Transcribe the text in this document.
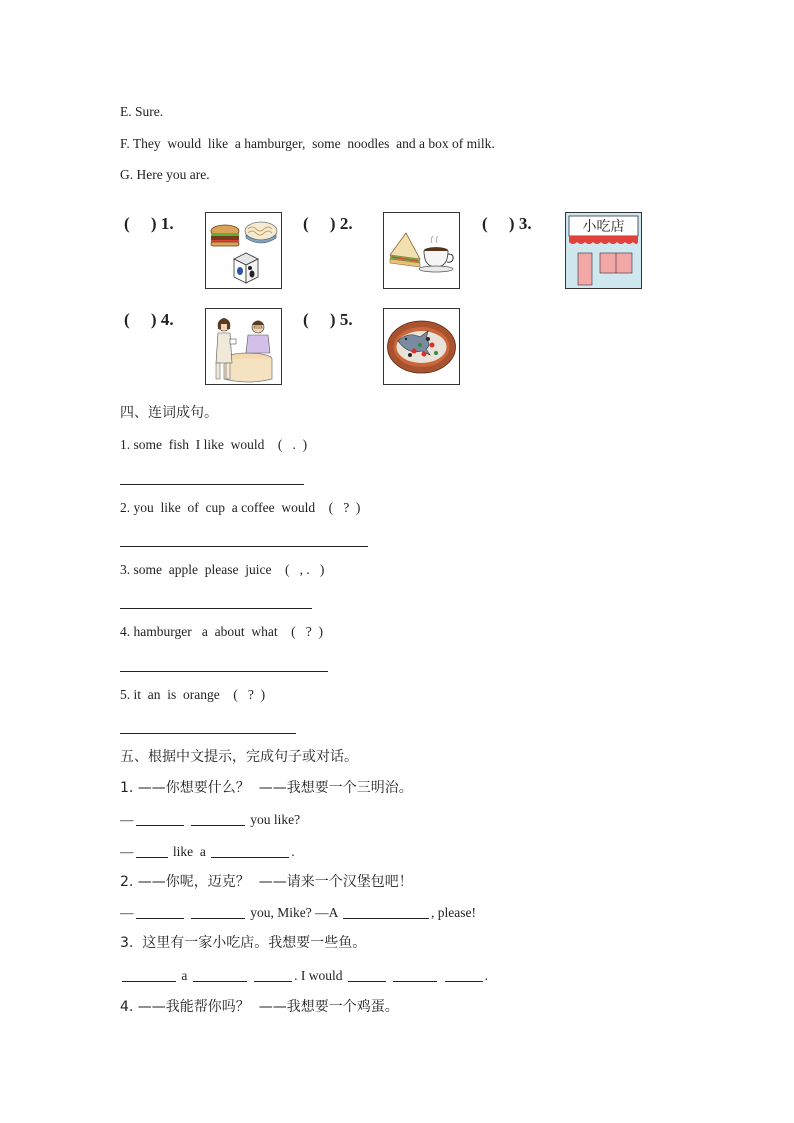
E. Sure.
F. They  would  like  a hamburger,  some  noodles  and a box of milk.
G. Here you are.
(     ) 1.	(     ) 2.	(     ) 3.	小吃店
(     ) 4.	(     ) 5.
四、连词成句。
1. some  fish  I like  would    (   .  )
2. you  like  of  cup  a coffee  would    (   ?  )
3. some  apple  please  juice    (   , .   )
4. hamburger   a  about  what    (   ?  )
5. it  an  is  orange    (   ?  )
五、根据中文提示，完成句子或对话。
1. ——你想要什么？  ——我想要一个三明治。
—	you like?
—	like  a	.
2. ——你呢，迈克？  ——请来一个汉堡包吧！
—	you, Mike? —A	, please!
3.  这里有一家小吃店。我想要一些鱼。
a	. I would	.
4. ——我能帮你吗？  ——我想要一个鸡蛋。
